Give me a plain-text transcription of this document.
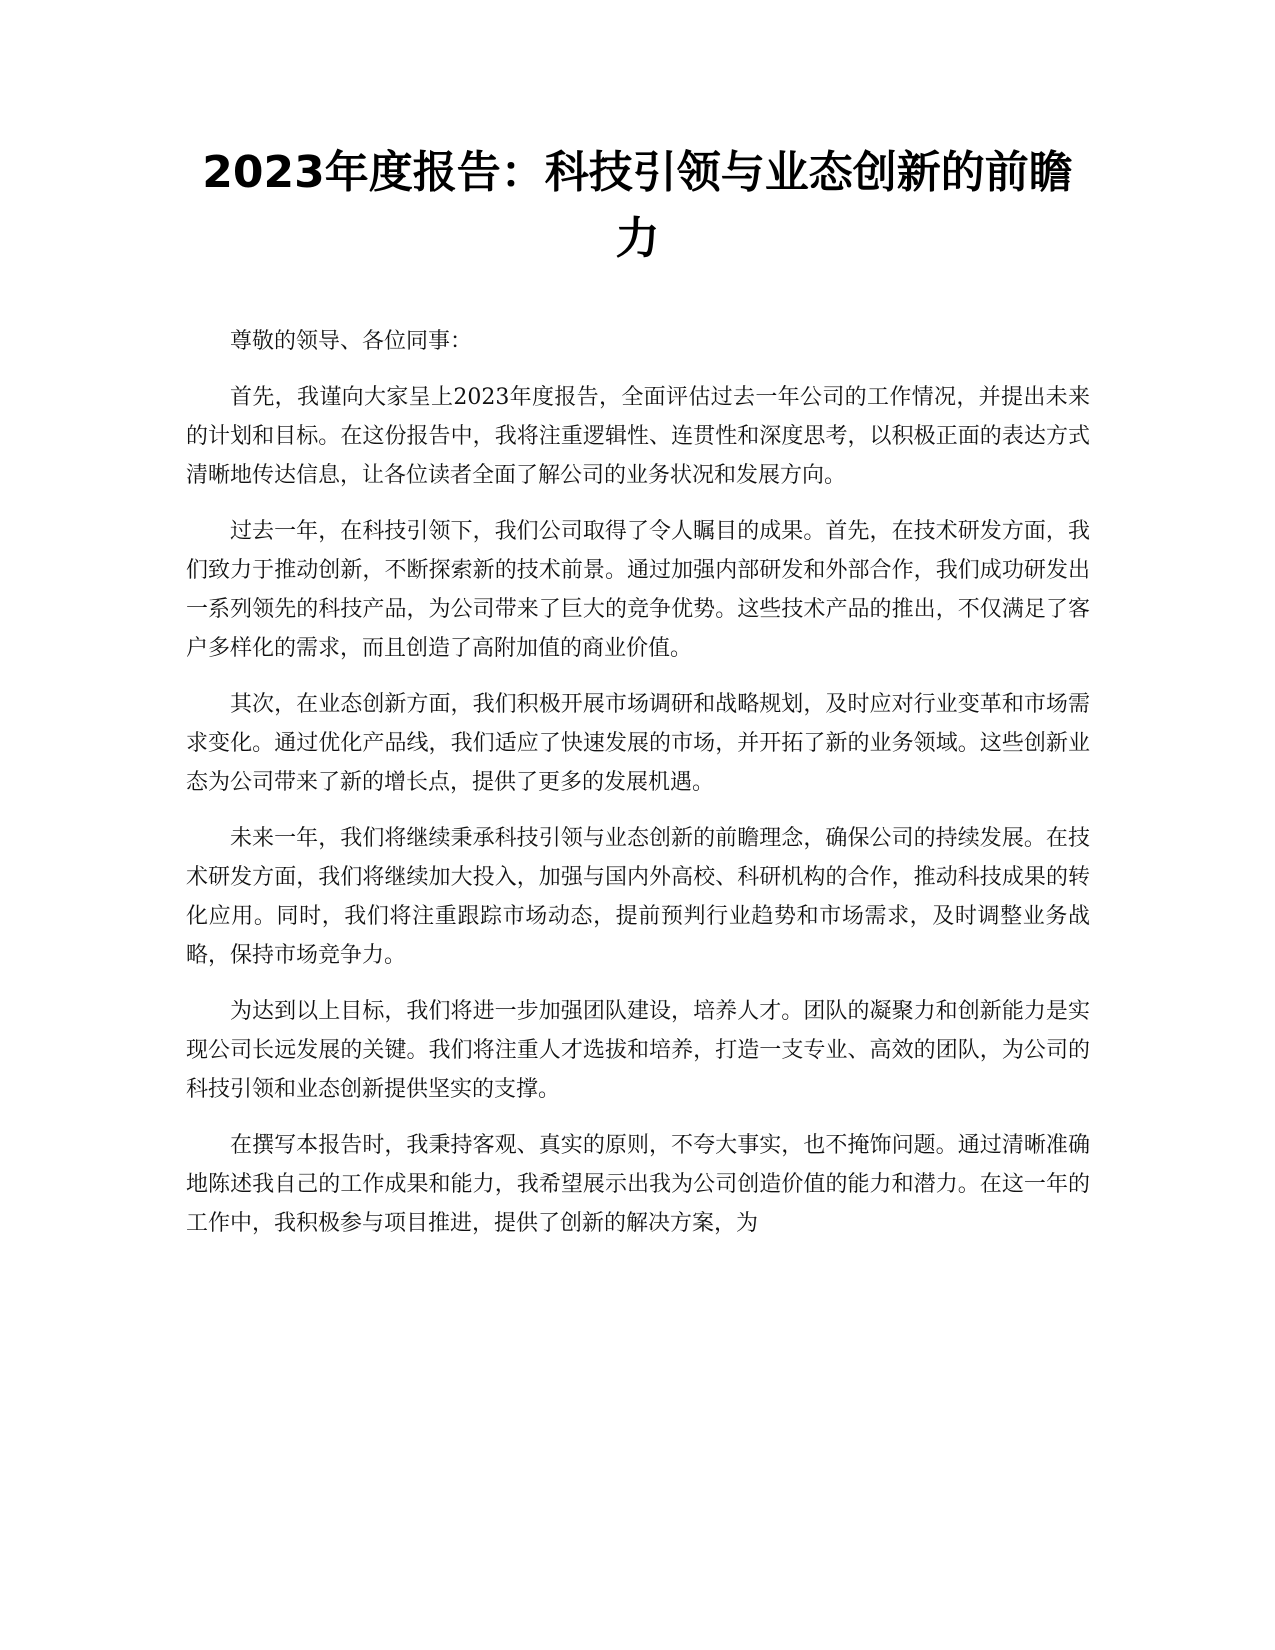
2023年度报告：科技引领与业态创新的前瞻力

尊敬的领导、各位同事：

首先，我谨向大家呈上2023年度报告，全面评估过去一年公司的工作情况，并提出未来的计划和目标。在这份报告中，我将注重逻辑性、连贯性和深度思考，以积极正面的表达方式清晰地传达信息，让各位读者全面了解公司的业务状况和发展方向。

过去一年，在科技引领下，我们公司取得了令人瞩目的成果。首先，在技术研发方面，我们致力于推动创新，不断探索新的技术前景。通过加强内部研发和外部合作，我们成功研发出一系列领先的科技产品，为公司带来了巨大的竞争优势。这些技术产品的推出，不仅满足了客户多样化的需求，而且创造了高附加值的商业价值。

其次，在业态创新方面，我们积极开展市场调研和战略规划，及时应对行业变革和市场需求变化。通过优化产品线，我们适应了快速发展的市场，并开拓了新的业务领域。这些创新业态为公司带来了新的增长点，提供了更多的发展机遇。

未来一年，我们将继续秉承科技引领与业态创新的前瞻理念，确保公司的持续发展。在技术研发方面，我们将继续加大投入，加强与国内外高校、科研机构的合作，推动科技成果的转化应用。同时，我们将注重跟踪市场动态，提前预判行业趋势和市场需求，及时调整业务战略，保持市场竞争力。

为达到以上目标，我们将进一步加强团队建设，培养人才。团队的凝聚力和创新能力是实现公司长远发展的关键。我们将注重人才选拔和培养，打造一支专业、高效的团队，为公司的科技引领和业态创新提供坚实的支撑。

在撰写本报告时，我秉持客观、真实的原则，不夸大事实，也不掩饰问题。通过清晰准确地陈述我自己的工作成果和能力，我希望展示出我为公司创造价值的能力和潜力。在这一年的工作中，我积极参与项目推进，提供了创新的解决方案，为
